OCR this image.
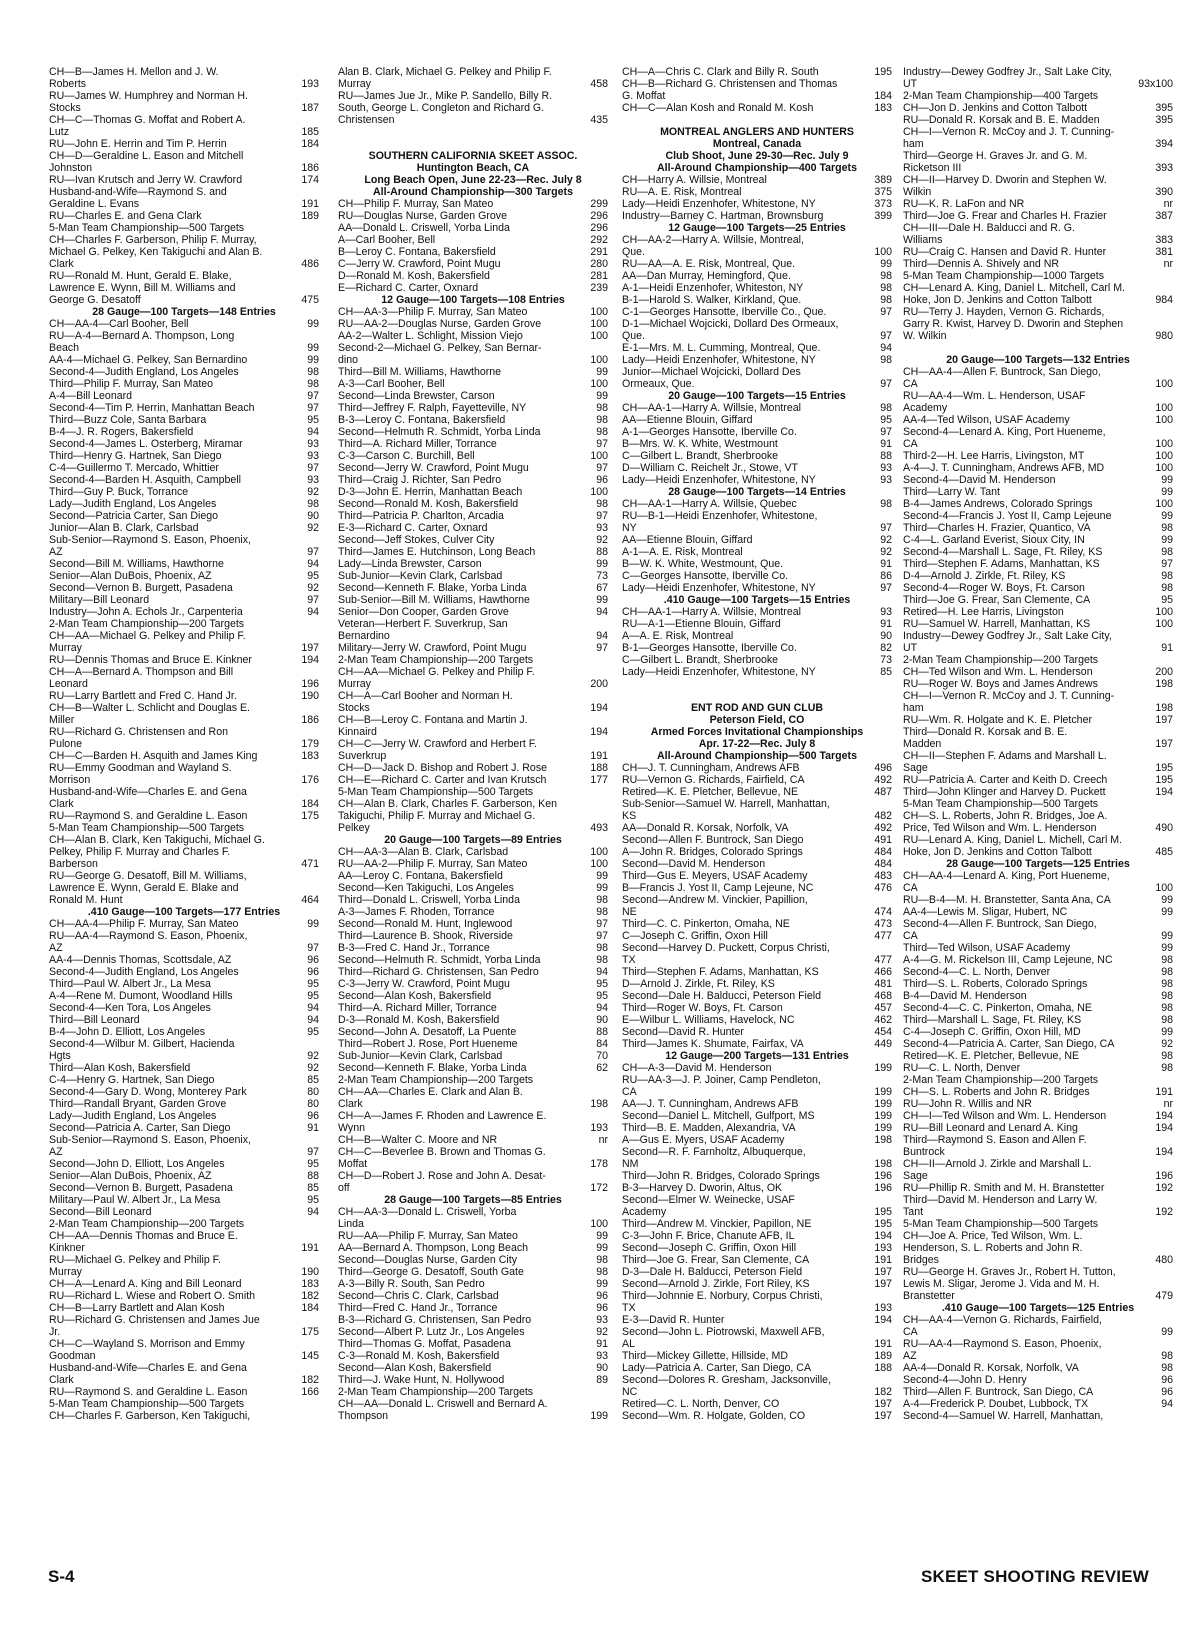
CH—B—James H. Mellon and J. W.
193
Roberts
RU—James W. Humphrey and Norman H.
187
Stocks
CH—C—Thomas G. Moffat and Robert A.
185
Lutz
184
RU—John E. Herrin and Tim P. Herrin
CH—D—Geraldine L. Eason and Mitchell
186
Johnston
174
RU—Ivan Krutsch and Jerry W. Crawford
Husband-and-Wife—Raymond S. and
191
Geraldine L. Evans
189
RU—Charles E. and Gena Clark
5-Man Team Championship—500 Targets
CH—Charles F. Garberson, Philip F. Murray,
Michael G. Pelkey, Ken Takiguchi and Alan B.
486
Clark
RU—Ronald M. Hunt, Gerald E. Blake,
Lawrence E. Wynn, Bill M. Williams and
475
George G. Desatoff
28 Gauge—100 Targets—148 Entries
99
CH—AA-4—Carl Booher, Bell
RU—A-4—Bernard A. Thompson, Long
99
Beach
99
AA-4—Michael G. Pelkey, San Bernardino
98
Second-4—Judith England, Los Angeles
98
Third—Philip F. Murray, San Mateo
97
A-4—Bill Leonard
97
Second-4—Tim P. Herrin, Manhattan Beach
95
Third—Buzz Cole, Santa Barbara
94
B-4—J. R. Rogers, Bakersfield
93
Second-4—James L. Osterberg, Miramar
93
Third—Henry G. Hartnek, San Diego
97
C-4—Guillermo T. Mercado, Whittier
93
Second-4—Barden H. Asquith, Campbell
92
Third—Guy P. Buck, Torrance
98
Lady—Judith England, Los Angeles
90
Second—Patricia Carter, San Diego
92
Junior—Alan B. Clark, Carlsbad
Sub-Senior—Raymond S. Eason, Phoenix,
97
AZ
94
Second—Bill M. Williams, Hawthorne
95
Senior—Alan DuBois, Phoenix, AZ
92
Second—Vernon B. Burgett, Pasadena
97
Military—Bill Leonard
94
Industry—John A. Echols Jr., Carpenteria
2-Man Team Championship—200 Targets
CH—AA—Michael G. Pelkey and Philip F.
197
Murray
194
RU—Dennis Thomas and Bruce E. Kinkner
CH—A—Bernard A. Thompson and Bill
196
Leonard
190
RU—Larry Bartlett and Fred C. Hand Jr.
CH—B—Walter L. Schlicht and Douglas E.
186
Miller
RU—Richard G. Christensen and Ron
179
Pulone
183
CH—C—Barden H. Asquith and James King
RU—Emmy Goodman and Wayland S.
176
Morrison
Husband-and-Wife—Charles E. and Gena
184
Clark
175
RU—Raymond S. and Geraldine L. Eason
5-Man Team Championship—500 Targets
CH—Alan B. Clark, Ken Takiguchi, Michael G.
Pelkey, Philip F. Murray and Charles F.
471
Barberson
RU—George G. Desatoff, Bill M. Williams,
Lawrence E. Wynn, Gerald E. Blake and
464
Ronald M. Hunt
.410 Gauge—100 Targets—177 Entries
99
CH—AA-4—Philip F. Murray, San Mateo
RU—AA-4—Raymond S. Eason, Phoenix,
97
AZ
96
AA-4—Dennis Thomas, Scottsdale, AZ
96
Second-4—Judith England, Los Angeles
95
Third—Paul W. Albert Jr., La Mesa
95
A-4—Rene M. Dumont, Woodland Hills
94
Second-4—Ken Tora, Los Angeles
94
Third—Bill Leonard
95
B-4—John D. Elliott, Los Angeles
Second-4—Wilbur M. Gilbert, Hacienda
92
Hgts
92
Third—Alan Kosh, Bakersfield
85
C-4—Henry G. Hartnek, San Diego
80
Second-4—Gary D. Wong, Monterey Park
80
Third—Randall Bryant, Garden Grove
96
Lady—Judith England, Los Angeles
91
Second—Patricia A. Carter, San Diego
Sub-Senior—Raymond S. Eason, Phoenix,
97
AZ
95
Second—John D. Elliott, Los Angeles
88
Senior—Alan DuBois, Phoenix, AZ
85
Second—Vernon B. Burgett, Pasadena
95
Military—Paul W. Albert Jr., La Mesa
94
Second—Bill Leonard
2-Man Team Championship—200 Targets
CH—AA—Dennis Thomas and Bruce E.
191
Kinkner
RU—Michael G. Pelkey and Philip F.
190
Murray
183
CH—A—Lenard A. King and Bill Leonard
182
RU—Richard L. Wiese and Robert O. Smith
184
CH—B—Larry Bartlett and Alan Kosh
RU—Richard G. Christensen and James Jue
175
Jr.
CH—C—Wayland S. Morrison and Emmy
145
Goodman
Husband-and-Wife—Charles E. and Gena
182
Clark
166
RU—Raymond S. and Geraldine L. Eason
5-Man Team Championship—500 Targets
CH—Charles F. Garberson, Ken Takiguchi,
Alan B. Clark, Michael G. Pelkey and Philip F.
458
Murray
RU—James Jue Jr., Mike P. Sandello, Billy R.
South, George L. Congleton and Richard G.
435
Christensen
SOUTHERN CALIFORNIA SKEET ASSOC.
Huntington Beach, CA
Long Beach Open, June 22-23—Rec. July 8
All-Around Championship—300 Targets
299
CH—Philip F. Murray, San Mateo
296
RU—Douglas Nurse, Garden Grove
296
AA—Donald L. Criswell, Yorba Linda
292
A—Carl Booher, Bell
291
B—Leroy C. Fontana, Bakersfield
280
C—Jerry W. Crawford, Point Mugu
281
D—Ronald M. Kosh, Bakersfield
239
E—Richard C. Carter, Oxnard
12 Gauge—100 Targets—108 Entries
100
CH—AA-3—Philip F. Murray, San Mateo
100
RU—AA-2—Douglas Nurse, Garden Grove
100
AA-2—Walter L. Schlight, Mission Viejo
Second-2—Michael G. Pelkey, San Bernar-
100
dino
99
Third—Bill M. Williams, Hawthorne
100
A-3—Carl Booher, Bell
99
Second—Linda Brewster, Carson
98
Third—Jeffrey F. Ralph, Fayetteville, NY
98
B-3—Leroy C. Fontana, Bakersfield
98
Second—Helmuth R. Schmidt, Yorba Linda
97
Third—A. Richard Miller, Torrance
100
C-3—Carson C. Burchill, Bell
97
Second—Jerry W. Crawford, Point Mugu
96
Third—Craig J. Richter, San Pedro
100
D-3—John E. Herrin, Manhattan Beach
98
Second—Ronald M. Kosh, Bakersfield
97
Third—Patricia P. Charlton, Arcadia
93
E-3—Richard C. Carter, Oxnard
92
Second—Jeff Stokes, Culver City
88
Third—James E. Hutchinson, Long Beach
99
Lady—Linda Brewster, Carson
73
Sub-Junior—Kevin Clark, Carlsbad
67
Second—Kenneth F. Blake, Yorba Linda
99
Sub-Senior—Bill M. Williams, Hawthorne
94
Senior—Don Cooper, Garden Grove
Veteran—Herbert F. Suverkrup, San
94
Bernardino
97
Military—Jerry W. Crawford, Point Mugu
2-Man Team Championship—200 Targets
CH—AA—Michael G. Pelkey and Philip F.
200
Murray
CH—A—Carl Booher and Norman H.
194
Stocks
CH—B—Leroy C. Fontana and Martin J.
194
Kinnaird
CH—C—Jerry W. Crawford and Herbert F.
191
Suverkrup
188
CH—D—Jack D. Bishop and Robert J. Rose
177
CH—E—Richard C. Carter and Ivan Krutsch
5-Man Team Championship—500 Targets
CH—Alan B. Clark, Charles F. Garberson, Ken
Takiguchi, Philip F. Murray and Michael G.
493
Pelkey
20 Gauge—100 Targets—89 Entries
100
CH—AA-3—Alan B. Clark, Carlsbad
100
RU—AA-2—Philip F. Murray, San Mateo
99
AA—Leroy C. Fontana, Bakersfield
99
Second—Ken Takiguchi, Los Angeles
98
Third—Donald L. Criswell, Yorba Linda
98
A-3—James F. Rhoden, Torrance
97
Second—Ronald M. Hunt, Inglewood
97
Third—Laurence B. Shook, Riverside
98
B-3—Fred C. Hand Jr., Torrance
98
Second—Helmuth R. Schmidt, Yorba Linda
94
Third—Richard G. Christensen, San Pedro
95
C-3—Jerry W. Crawford, Point Mugu
95
Second—Alan Kosh, Bakersfield
94
Third—A. Richard Miller, Torrance
90
D-3—Ronald M. Kosh, Bakersfield
88
Second—John A. Desatoff, La Puente
84
Third—Robert J. Rose, Port Hueneme
70
Sub-Junior—Kevin Clark, Carlsbad
62
Second—Kenneth F. Blake, Yorba Linda
2-Man Team Championship—200 Targets
CH—AA—Charles E. Clark and Alan B.
198
Clark
CH—A—James F. Rhoden and Lawrence E.
193
Wynn
nr
CH—B—Walter C. Moore and NR
CH—C—Beverlee B. Brown and Thomas G.
178
Moffat
CH—D—Robert J. Rose and John A. Desat-
172
off
28 Gauge—100 Targets—85 Entries
CH—AA-3—Donald L. Criswell, Yorba
100
Linda
99
RU—AA—Philip F. Murray, San Mateo
99
AA—Bernard A. Thompson, Long Beach
98
Second—Douglas Nurse, Garden City
98
Third—George G. Desatoff, South Gate
99
A-3—Billy R. South, San Pedro
96
Second—Chris C. Clark, Carlsbad
96
Third—Fred C. Hand Jr., Torrance
93
B-3—Richard G. Christensen, San Pedro
92
Second—Albert P. Lutz Jr., Los Angeles
91
Third—Thomas G. Moffat, Pasadena
93
C-3—Ronald M. Kosh, Bakersfield
90
Second—Alan Kosh, Bakersfield
89
Third—J. Wake Hunt, N. Hollywood
2-Man Team Championship—200 Targets
CH—AA—Donald L. Criswell and Bernard A.
199
Thompson
195
CH—A—Chris C. Clark and Billy R. South
CH—B—Richard G. Christensen and Thomas
184
G. Moffat
183
CH—C—Alan Kosh and Ronald M. Kosh
MONTREAL ANGLERS AND HUNTERS
Montreal, Canada
Club Shoot, June 29-30—Rec. July 9
All-Around Championship—400 Targets
389
CH—Harry A. Willsie, Montreal
375
RU—A. E. Risk, Montreal
373
Lady—Heidi Enzenhofer, Whitestone, NY
399
Industry—Barney C. Hartman, Brownsburg
12 Gauge—100 Targets—25 Entries
CH—AA-2—Harry A. Willsie, Montreal,
100
Que.
99
RU—AA—A. E. Risk, Montreal, Que.
98
AA—Dan Murray, Hemingford, Que.
98
A-1—Heidi Enzenhofer, Whiteston, NY
98
B-1—Harold S. Walker, Kirkland, Que.
97
C-1—Georges Hansotte, Iberville Co., Que.
D-1—Michael Wojcicki, Dollard Des Ormeaux,
97
Que.
94
E-1—Mrs. M. L. Cumming, Montreal, Que.
98
Lady—Heidi Enzenhofer, Whitestone, NY
Junior—Michael Wojcicki, Dollard Des
97
Ormeaux, Que.
20 Gauge—100 Targets—15 Entries
98
CH—AA-1—Harry A. Willsie, Montreal
95
AA—Etienne Blouin, Giffard
97
A-1—Georges Hansotte, Iberville Co.
91
B—Mrs. W. K. White, Westmount
88
C—Gilbert L. Brandt, Sherbrooke
93
D—William C. Reichelt Jr., Stowe, VT
93
Lady—Heidi Enzenhofer, Whitestone, NY
28 Gauge—100 Targets—14 Entries
98
CH—AA-1—Harry A. Willsie, Quebec
RU—B-1—Heidi Enzenhofer, Whitestone,
97
NY
92
AA—Etienne Blouin, Giffard
92
A-1—A. E. Risk, Montreal
91
B—W. K. White, Westmount, Que.
86
C—Georges Hansotte, Iberville Co.
97
Lady—Heidi Enzenhofer, Whitestone, NY
.410 Gauge—100 Targets—15 Entries
93
CH—AA-1—Harry A. Willsie, Montreal
91
RU—A-1—Etienne Blouin, Giffard
90
A—A. E. Risk, Montreal
82
B-1—Georges Hansotte, Iberville Co.
73
C—Gilbert L. Brandt, Sherbrooke
85
Lady—Heidi Enzenhofer, Whitestone, NY
ENT ROD AND GUN CLUB
Peterson Field, CO
Armed Forces Invitational Championships
Apr. 17-22—Rec. July 8
All-Around Championship—500 Targets
496
CH—J. T. Cunningham, Andrews AFB
492
RU—Vernon G. Richards, Fairfield, CA
487
Retired—K. E. Pletcher, Bellevue, NE
Sub-Senior—Samuel W. Harrell, Manhattan,
482
KS
492
AA—Donald R. Korsak, Norfolk, VA
491
Second—Allen F. Buntrock, San Diego
484
A—John R. Bridges, Colorado Springs
484
Second—David M. Henderson
483
Third—Gus E. Meyers, USAF Academy
476
B—Francis J. Yost II, Camp Lejeune, NC
Second—Andrew M. Vinckier, Papillion,
474
NE
473
Third—C. C. Pinkerton, Omaha, NE
477
C—Joseph C. Griffin, Oxon Hill
Second—Harvey D. Puckett, Corpus Christi,
477
TX
466
Third—Stephen F. Adams, Manhattan, KS
481
D—Arnold J. Zirkle, Ft. Riley, KS
468
Second—Dale H. Balducci, Peterson Field
457
Third—Roger W. Boys, Ft. Carson
462
E—Wilbur L. Williams, Havelock, NC
454
Second—David R. Hunter
449
Third—James K. Shumate, Fairfax, VA
12 Gauge—200 Targets—131 Entries
199
CH—A-3—David M. Henderson
RU—AA-3—J. P. Joiner, Camp Pendleton,
199
CA
199
AA—J. T. Cunningham, Andrews AFB
199
Second—Daniel L. Mitchell, Gulfport, MS
199
Third—B. E. Madden, Alexandria, VA
198
A—Gus E. Myers, USAF Academy
Second—R. F. Farnholtz, Albuquerque,
198
NM
196
Third—John R. Bridges, Colorado Springs
196
B-3—Harvey D. Dworin, Altus, OK
Second—Elmer W. Weinecke, USAF
195
Academy
195
Third—Andrew M. Vinckier, Papillon, NE
194
C-3—John F. Brice, Chanute AFB, IL
193
Second—Joseph C. Griffin, Oxon Hill
191
Third—Joe G. Frear, San Clemente, CA
197
D-3—Dale H. Balducci, Peterson Field
197
Second—Arnold J. Zirkle, Fort Riley, KS
Third—Johnnie E. Norbury, Corpus Christi,
193
TX
194
E-3—David R. Hunter
Second—John L. Piotrowski, Maxwell AFB,
191
AL
189
Third—Mickey Gillette, Hillside, MD
188
Lady—Patricia A. Carter, San Diego, CA
Second—Dolores R. Gresham, Jacksonville,
182
NC
197
Retired—C. L. North, Denver, CO
197
Second—Wm. R. Holgate, Golden, CO
Industry—Dewey Godfrey Jr., Salt Lake City,
93x100
UT
2-Man Team Championship—400 Targets
395
CH—Jon D. Jenkins and Cotton Talbott
395
RU—Donald R. Korsak and B. E. Madden
CH—I—Vernon R. McCoy and J. T. Cunning-
394
ham
Third—George H. Graves Jr. and G. M.
393
Ricketson III
CH—II—Harvey D. Dworin and Stephen W.
390
Wilkin
nr
RU—K. R. LaFon and NR
387
Third—Joe G. Frear and Charles H. Frazier
CH—III—Dale H. Balducci and R. G.
383
Williams
381
RU—Craig C. Hansen and David R. Hunter
nr
Third—Dennis A. Shively and NR
5-Man Team Championship—1000 Targets
CH—Lenard A. King, Daniel L. Mitchell, Carl M.
984
Hoke, Jon D. Jenkins and Cotton Talbott
RU—Terry J. Hayden, Vernon G. Richards,
Garry R. Kwist, Harvey D. Dworin and Stephen
980
W. Wilkin
20 Gauge—100 Targets—132 Entries
CH—AA-4—Allen F. Buntrock, San Diego,
100
CA
RU—AA-4—Wm. L. Henderson, USAF
100
Academy
100
AA-4—Ted Wilson, USAF Academy
Second-4—Lenard A. King, Port Hueneme,
100
CA
100
Third-2—H. Lee Harris, Livingston, MT
100
A-4—J. T. Cunningham, Andrews AFB, MD
99
Second-4—David M. Henderson
99
Third—Larry W. Tant
100
B-4—James Andrews, Colorado Springs
99
Second-4—Francis J. Yost II, Camp Lejeune
98
Third—Charles H. Frazier, Quantico, VA
99
C-4—L. Garland Everist, Sioux City, IN
98
Second-4—Marshall L. Sage, Ft. Riley, KS
97
Third—Stephen F. Adams, Manhattan, KS
98
D-4—Arnold J. Zirkle, Ft. Riley, KS
98
Second-4—Roger W. Boys, Ft. Carson
95
Third—Joe G. Frear, San Clemente, CA
100
Retired—H. Lee Harris, Livingston
100
RU—Samuel W. Harrell, Manhattan, KS
Industry—Dewey Godfrey Jr., Salt Lake City,
91
UT
2-Man Team Championship—200 Targets
200
CH—Ted Wilson and Wm. L. Henderson
198
RU—Roger W. Boys and James Andrews
CH—I—Vernon R. McCoy and J. T. Cunning-
198
ham
197
RU—Wm. R. Holgate and K. E. Pletcher
Third—Donald R. Korsak and B. E.
197
Madden
CH—II—Stephen F. Adams and Marshall L.
195
Sage
195
RU—Patricia A. Carter and Keith D. Creech
194
Third—John Klinger and Harvey D. Puckett
5-Man Team Championship—500 Targets
CH—S. L. Roberts, John R. Bridges, Joe A.
490
Price, Ted Wilson and Wm. L. Henderson
RU—Lenard A. King, Daniel L. Michell, Carl M.
485
Hoke, Jon D. Jenkins and Cotton Talbott
28 Gauge—100 Targets—125 Entries
CH—AA-4—Lenard A. King, Port Hueneme,
100
CA
99
RU—B-4—M. H. Branstetter, Santa Ana, CA
99
AA-4—Lewis M. Sligar, Hubert, NC
Second-4—Allen F. Buntrock, San Diego,
99
CA
99
Third—Ted Wilson, USAF Academy
98
A-4—G. M. Rickelson III, Camp Lejeune, NC
98
Second-4—C. L. North, Denver
98
Third—S. L. Roberts, Colorado Springs
98
B-4—David M. Henderson
98
Second-4—C. C. Pinkerton, Omaha, NE
98
Third—Marshall L. Sage, Ft. Riley, KS
99
C-4—Joseph C. Griffin, Oxon Hill, MD
92
Second-4—Patricia A. Carter, San Diego, CA
98
Retired—K. E. Pletcher, Bellevue, NE
98
RU—C. L. North, Denver
2-Man Team Championship—200 Targets
191
CH—S. L. Roberts and John R. Bridges
nr
RU—John R. Willis and NR
194
CH—I—Ted Wilson and Wm. L. Henderson
194
RU—Bill Leonard and Lenard A. King
Third—Raymond S. Eason and Allen F.
194
Buntrock
CH—II—Arnold J. Zirkle and Marshall L.
196
Sage
192
RU—Phillip R. Smith and M. H. Branstetter
Third—David M. Henderson and Larry W.
192
Tant
5-Man Team Championship—500 Targets
CH—Joe A. Price, Ted Wilson, Wm. L.
Henderson, S. L. Roberts and John R.
480
Bridges
RU—George H. Graves Jr., Robert H. Tutton,
Lewis M. Sligar, Jerome J. Vida and M. H.
479
Branstetter
.410 Gauge—100 Targets—125 Entries
CH—AA-4—Vernon G. Richards, Fairfield,
99
CA
RU—AA-4—Raymond S. Eason, Phoenix,
98
AZ
98
AA-4—Donald R. Korsak, Norfolk, VA
96
Second-4—John D. Henry
96
Third—Allen F. Buntrock, San Diego, CA
94
A-4—Frederick P. Doubet, Lubbock, TX
Second-4—Samuel W. Harrell, Manhattan,
S-4	SKEET SHOOTING REVIEW
